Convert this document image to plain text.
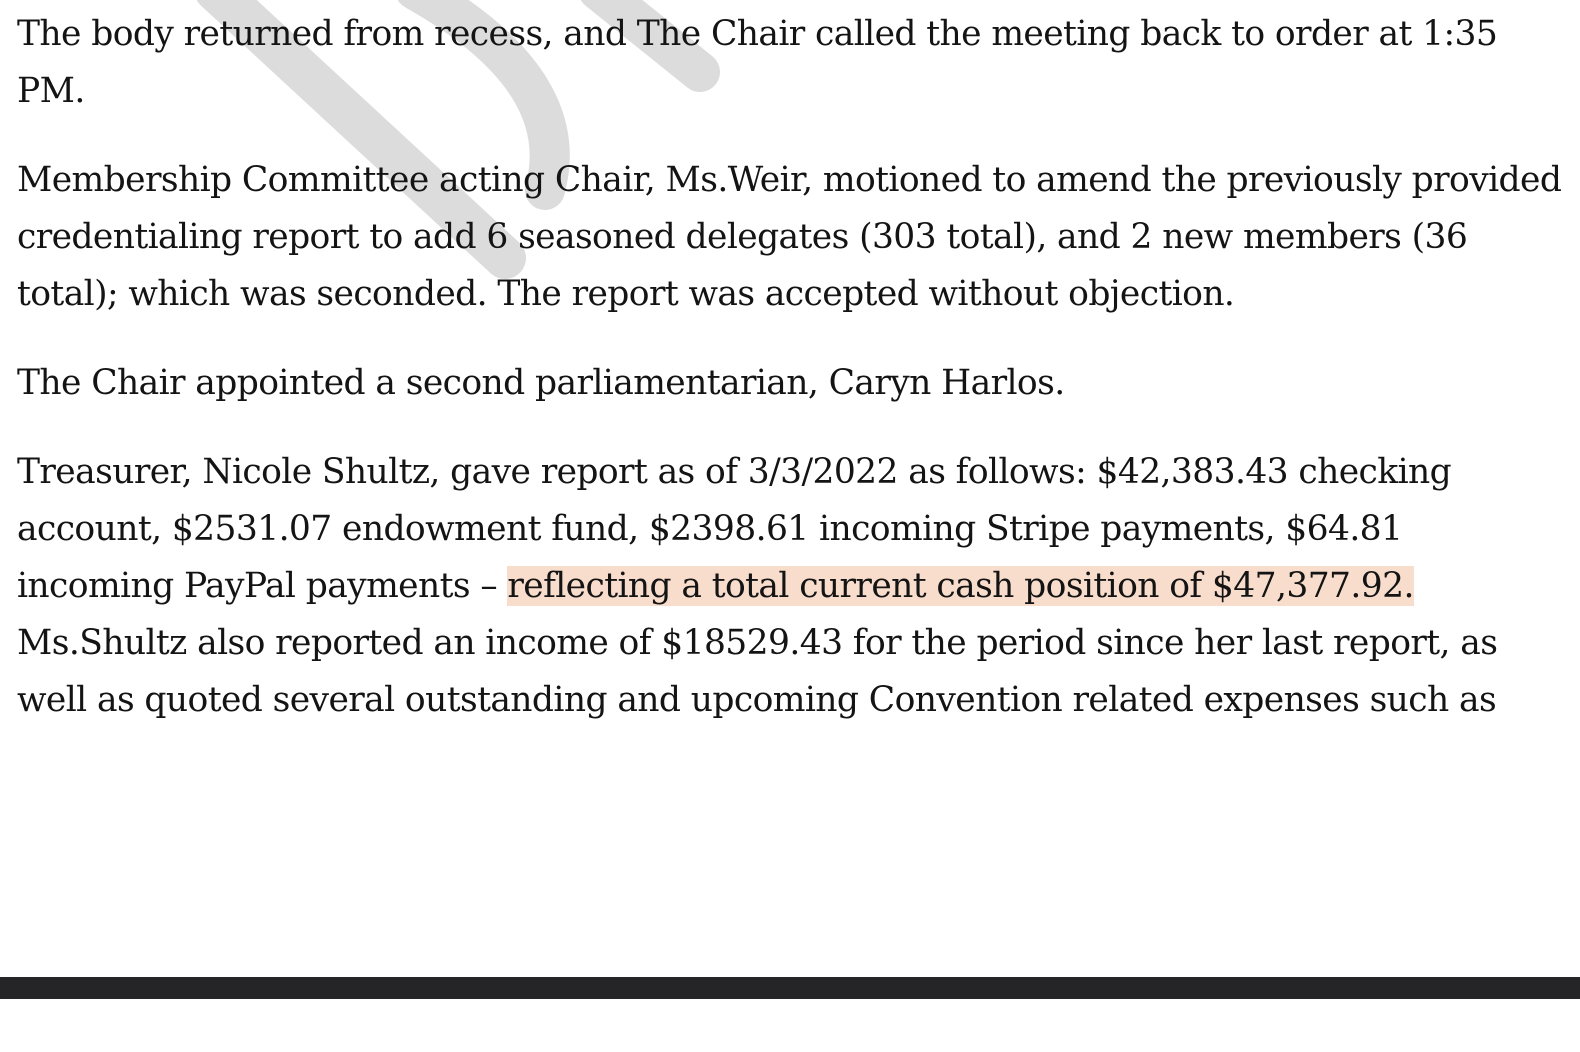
The body returned from recess, and The Chair called the meeting back to order at 1:35 PM.

Membership Committee acting Chair, Ms.Weir, motioned to amend the previously provided credentialing report to add 6 seasoned delegates (303 total), and 2 new members (36 total); which was seconded. The report was accepted without objection.

The Chair appointed a second parliamentarian, Caryn Harlos.

Treasurer, Nicole Shultz, gave report as of 3/3/2022 as follows: $42,383.43 checking account, $2531.07 endowment fund, $2398.61 incoming Stripe payments, $64.81 incoming PayPal payments – reflecting a total current cash position of $47,377.92. Ms.Shultz also reported an income of $18529.43 for the period since her last report, as well as quoted several outstanding and upcoming Convention related expenses such as
